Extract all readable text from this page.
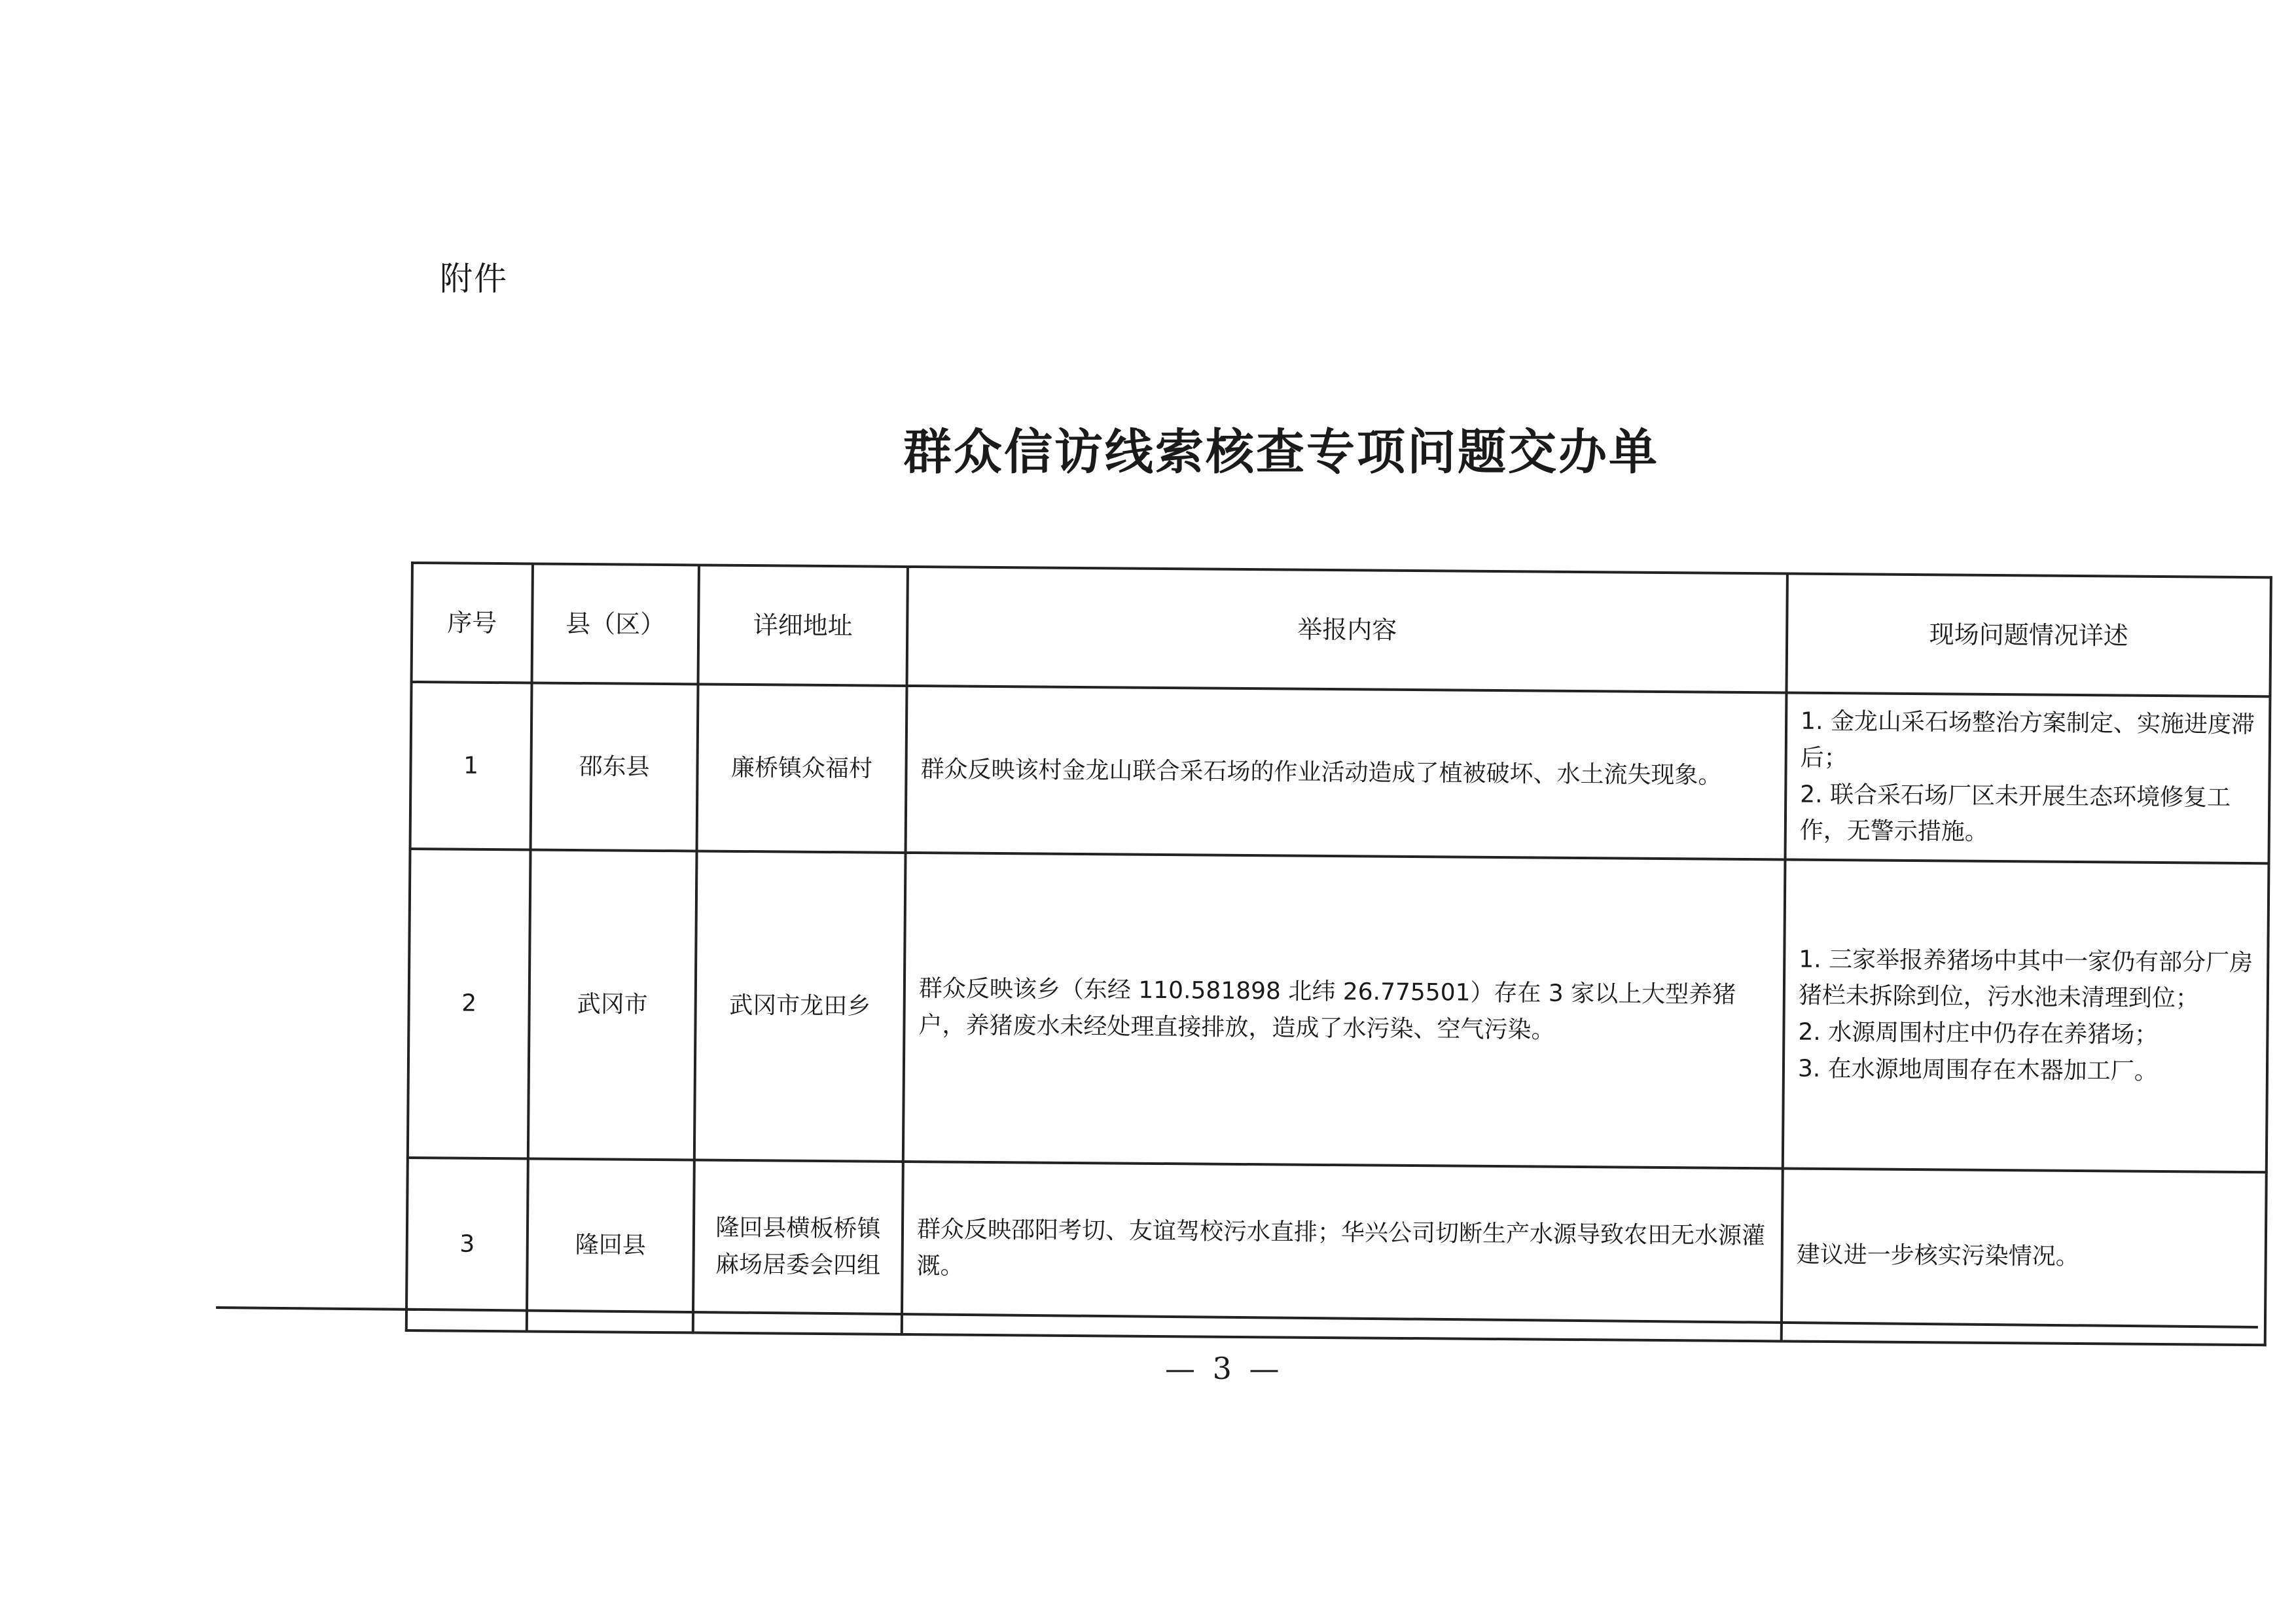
附件
群众信访线索核查专项问题交办单
序号	县（区）	详细地址	举报内容	现场问题情况详述
1	邵东县	廉桥镇众福村	群众反映该村金龙山联合采石场的作业活动造成了植被破坏、水土流失现象。	1. 金龙山采石场整治方案制定、实施进度滞后；
2. 联合采石场厂区未开展生态环境修复工作，无警示措施。

2	武冈市	武冈市龙田乡	群众反映该乡（东经 110.581898 北纬 26.775501）存在 3 家以上大型养猪户，养猪废水未经处理直接排放，造成了水污染、空气污染。	1. 三家举报养猪场中其中一家仍有部分厂房猪栏未拆除到位，污水池未清理到位；
2. 水源周围村庄中仍存在养猪场；
3. 在水源地周围存在木器加工厂。

3	隆回县	隆回县横板桥镇麻场居委会四组	群众反映邵阳考切、友谊驾校污水直排；华兴公司切断生产水源导致农田无水源灌溉。	建议进一步核实污染情况。
— 3 —
